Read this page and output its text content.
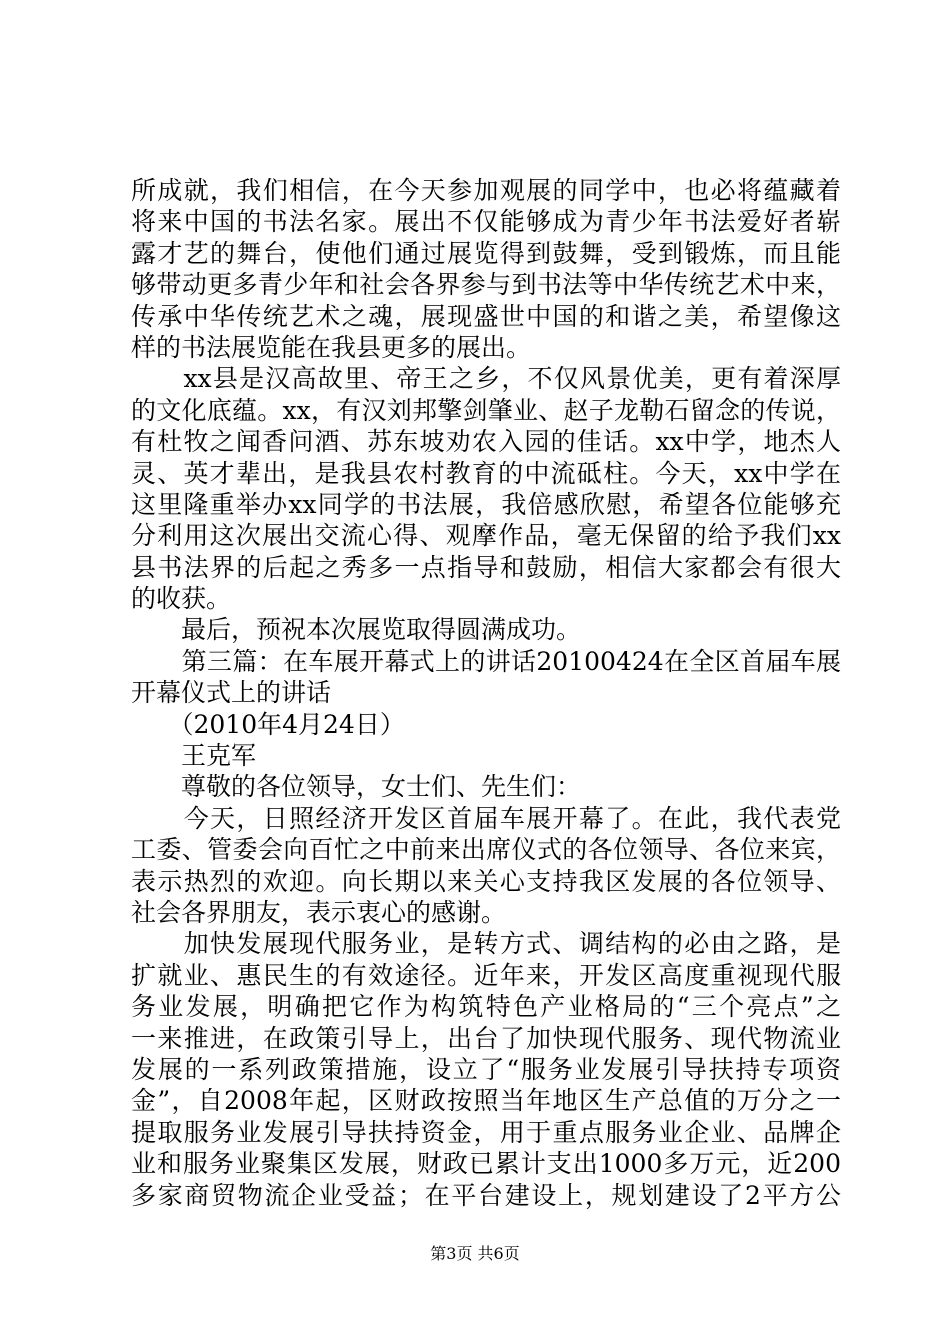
所成就，我们相信，在今天参加观展的同学中，也必将蕴藏着
将来中国的书法名家。展出不仅能够成为青少年书法爱好者崭
露才艺的舞台，使他们通过展览得到鼓舞，受到锻炼，而且能
够带动更多青少年和社会各界参与到书法等中华传统艺术中来，
传承中华传统艺术之魂，展现盛世中国的和谐之美，希望像这
样的书法展览能在我县更多的展出。
　　xx县是汉高故里、帝王之乡，不仅风景优美，更有着深厚
的文化底蕴。xx，有汉刘邦擎剑肇业、赵子龙勒石留念的传说，
有杜牧之闻香问酒、苏东坡劝农入园的佳话。xx中学，地杰人
灵、英才辈出，是我县农村教育的中流砥柱。今天，xx中学在
这里隆重举办xx同学的书法展，我倍感欣慰，希望各位能够充
分利用这次展出交流心得、观摩作品，毫无保留的给予我们xx
县书法界的后起之秀多一点指导和鼓励，相信大家都会有很大
的收获。
　　最后，预祝本次展览取得圆满成功。
　　第三篇：在车展开幕式上的讲话20100424在全区首届车展
开幕仪式上的讲话
　　（2010年4月24日）
　　王克军
　　尊敬的各位领导，女士们、先生们：
　　今天，日照经济开发区首届车展开幕了。在此，我代表党
工委、管委会向百忙之中前来出席仪式的各位领导、各位来宾，
表示热烈的欢迎。向长期以来关心支持我区发展的各位领导、
社会各界朋友，表示衷心的感谢。
　　加快发展现代服务业，是转方式、调结构的必由之路，是
扩就业、惠民生的有效途径。近年来，开发区高度重视现代服
务业发展，明确把它作为构筑特色产业格局的“三个亮点”之
一来推进，在政策引导上，出台了加快现代服务、现代物流业
发展的一系列政策措施，设立了“服务业发展引导扶持专项资
金”，自2008年起，区财政按照当年地区生产总值的万分之一
提取服务业发展引导扶持资金，用于重点服务业企业、品牌企
业和服务业聚集区发展，财政已累计支出1000多万元，近200
多家商贸物流企业受益；在平台建设上，规划建设了2平方公
第3页 共6页
